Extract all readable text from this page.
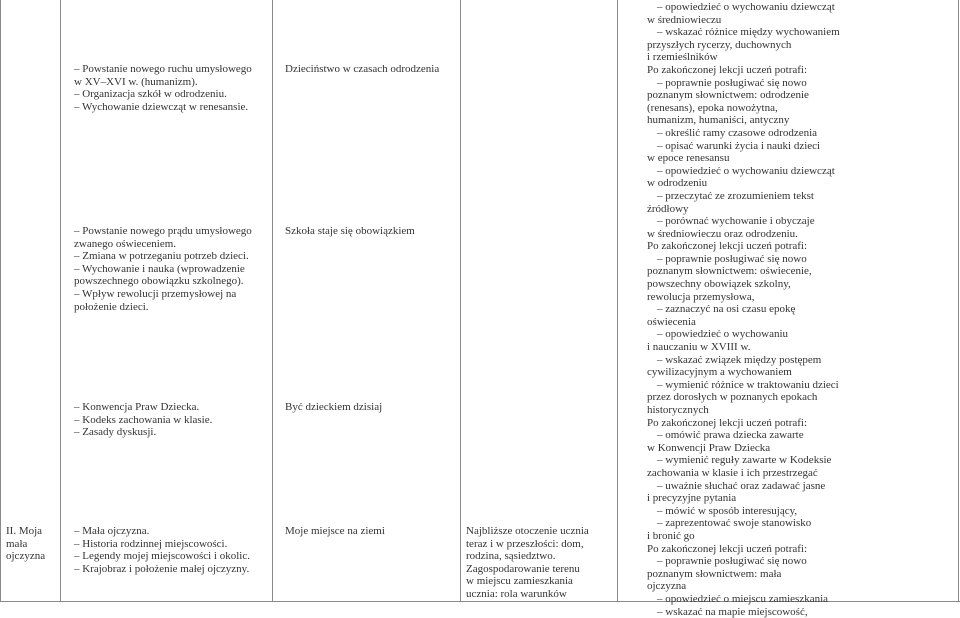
– Powstanie nowego ruchu umysłowego
w XV–XVI w. (humanizm).
– Organizacja szkół w odrodzeniu.
– Wychowanie dziewcząt w renesansie.
Dzieciństwo w czasach odrodzenia
– Powstanie nowego prądu umysłowego
zwanego oświeceniem.
– Zmiana w potrzeganiu potrzeb dzieci.
– Wychowanie i nauka (wprowadzenie
powszechnego obowiązku szkolnego).
– Wpływ rewolucji przemysłowej na
położenie dzieci.
Szkoła staje się obowiązkiem
– Konwencja Praw Dziecka.
– Kodeks zachowania w klasie.
– Zasady dyskusji.
Być dzieckiem dzisiaj
II. Moja
mała
ojczyzna
– Mała ojczyzna.
– Historia rodzinnej miejscowości.
– Legendy mojej miejscowości i okolic.
– Krajobraz i położenie małej ojczyzny.
Moje miejsce na ziemi	Najbliższe otoczenie ucznia
teraz i w przeszłości: dom,
rodzina, sąsiedztwo.
Zagospodarowanie terenu
w miejscu zamieszkania
ucznia: rola warunków
– opowiedzieć o wychowaniu dziewcząt
w średniowieczu
– wskazać różnice między wychowaniem
przyszłych rycerzy, duchownych
i rzemieślników
Po zakończonej lekcji uczeń potrafi:
– poprawnie posługiwać się nowo
poznanym słownictwem: odrodzenie
(renesans), epoka nowożytna,
humanizm, humaniści, antyczny
– określić ramy czasowe odrodzenia
– opisać warunki życia i nauki dzieci
w epoce renesansu
– opowiedzieć o wychowaniu dziewcząt
w odrodzeniu
– przeczytać ze zrozumieniem tekst
źródłowy
– porównać wychowanie i obyczaje
w średniowieczu oraz odrodzeniu.
Po zakończonej lekcji uczeń potrafi:
– poprawnie posługiwać się nowo
poznanym słownictwem: oświecenie,
powszechny obowiązek szkolny,
rewolucja przemysłowa,
– zaznaczyć na osi czasu epokę
oświecenia
– opowiedzieć o wychowaniu
i nauczaniu w XVIII w.
– wskazać związek między postępem
cywilizacyjnym a wychowaniem
– wymienić różnice w traktowaniu dzieci
przez dorosłych w poznanych epokach
historycznych
Po zakończonej lekcji uczeń potrafi:
– omówić prawa dziecka zawarte
w Konwencji Praw Dziecka
– wymienić reguły zawarte w Kodeksie
zachowania w klasie i ich przestrzegać
– uważnie słuchać oraz zadawać jasne
i precyzyjne pytania
– mówić w sposób interesujący,
– zaprezentować swoje stanowisko
i bronić go
Po zakończonej lekcji uczeń potrafi:
– poprawnie posługiwać się nowo
poznanym słownictwem: mała
ojczyzna
– opowiedzieć o miejscu zamieszkania
– wskazać na mapie miejscowość,
